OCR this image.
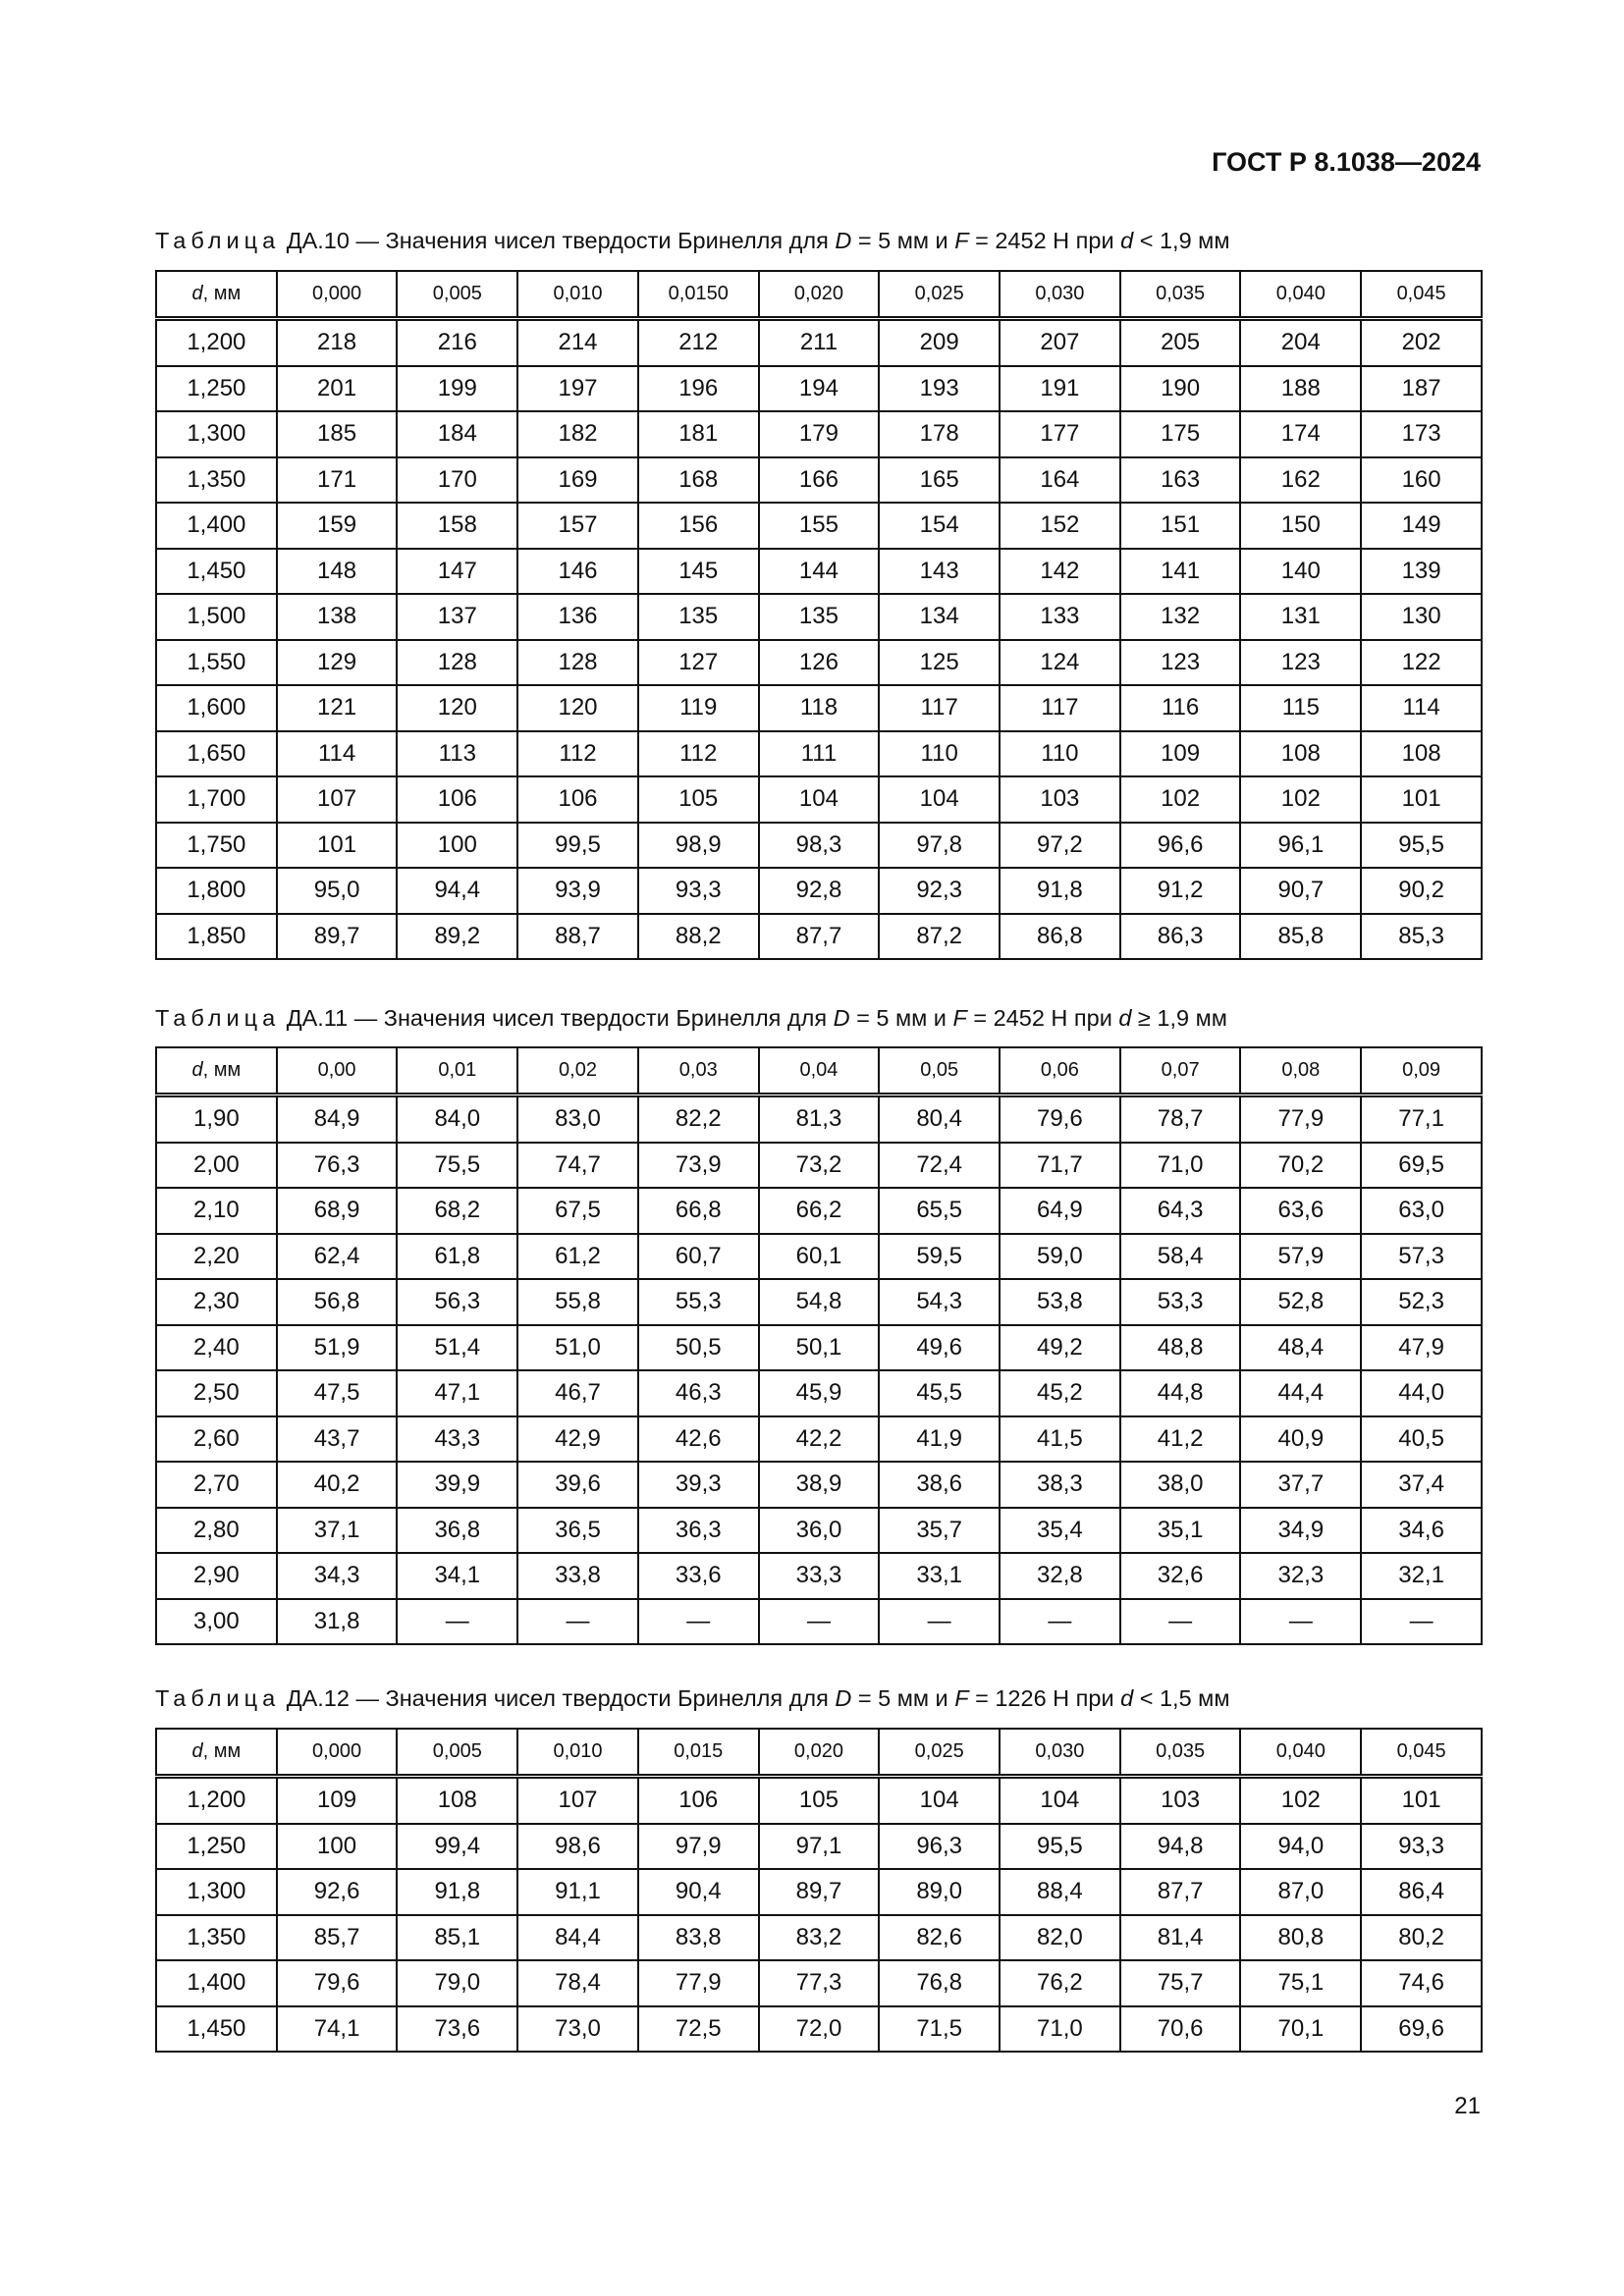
ГОСТ Р 8.1038—2024
Таблица ДА.10 — Значения чисел твердости Бринелля для D = 5 мм и F = 2452 Н при d < 1,9 мм
d, мм	0,000	0,005	0,010	0,0150	0,020	0,025	0,030	0,035	0,040	0,045
1,200	218	216	214	212	211	209	207	205	204	202
1,250	201	199	197	196	194	193	191	190	188	187
1,300	185	184	182	181	179	178	177	175	174	173
1,350	171	170	169	168	166	165	164	163	162	160
1,400	159	158	157	156	155	154	152	151	150	149
1,450	148	147	146	145	144	143	142	141	140	139
1,500	138	137	136	135	135	134	133	132	131	130
1,550	129	128	128	127	126	125	124	123	123	122
1,600	121	120	120	119	118	117	117	116	115	114
1,650	114	113	112	112	111	110	110	109	108	108
1,700	107	106	106	105	104	104	103	102	102	101
1,750	101	100	99,5	98,9	98,3	97,8	97,2	96,6	96,1	95,5
1,800	95,0	94,4	93,9	93,3	92,8	92,3	91,8	91,2	90,7	90,2
1,850	89,7	89,2	88,7	88,2	87,7	87,2	86,8	86,3	85,8	85,3
Таблица ДА.11 — Значения чисел твердости Бринелля для D = 5 мм и F = 2452 Н при d ≥ 1,9 мм
d, мм	0,00	0,01	0,02	0,03	0,04	0,05	0,06	0,07	0,08	0,09
1,90	84,9	84,0	83,0	82,2	81,3	80,4	79,6	78,7	77,9	77,1
2,00	76,3	75,5	74,7	73,9	73,2	72,4	71,7	71,0	70,2	69,5
2,10	68,9	68,2	67,5	66,8	66,2	65,5	64,9	64,3	63,6	63,0
2,20	62,4	61,8	61,2	60,7	60,1	59,5	59,0	58,4	57,9	57,3
2,30	56,8	56,3	55,8	55,3	54,8	54,3	53,8	53,3	52,8	52,3
2,40	51,9	51,4	51,0	50,5	50,1	49,6	49,2	48,8	48,4	47,9
2,50	47,5	47,1	46,7	46,3	45,9	45,5	45,2	44,8	44,4	44,0
2,60	43,7	43,3	42,9	42,6	42,2	41,9	41,5	41,2	40,9	40,5
2,70	40,2	39,9	39,6	39,3	38,9	38,6	38,3	38,0	37,7	37,4
2,80	37,1	36,8	36,5	36,3	36,0	35,7	35,4	35,1	34,9	34,6
2,90	34,3	34,1	33,8	33,6	33,3	33,1	32,8	32,6	32,3	32,1
3,00	31,8	—	—	—	—	—	—	—	—	—
Таблица ДА.12 — Значения чисел твердости Бринелля для D = 5 мм и F = 1226 Н при d < 1,5 мм
d, мм	0,000	0,005	0,010	0,015	0,020	0,025	0,030	0,035	0,040	0,045
1,200	109	108	107	106	105	104	104	103	102	101
1,250	100	99,4	98,6	97,9	97,1	96,3	95,5	94,8	94,0	93,3
1,300	92,6	91,8	91,1	90,4	89,7	89,0	88,4	87,7	87,0	86,4
1,350	85,7	85,1	84,4	83,8	83,2	82,6	82,0	81,4	80,8	80,2
1,400	79,6	79,0	78,4	77,9	77,3	76,8	76,2	75,7	75,1	74,6
1,450	74,1	73,6	73,0	72,5	72,0	71,5	71,0	70,6	70,1	69,6
21
